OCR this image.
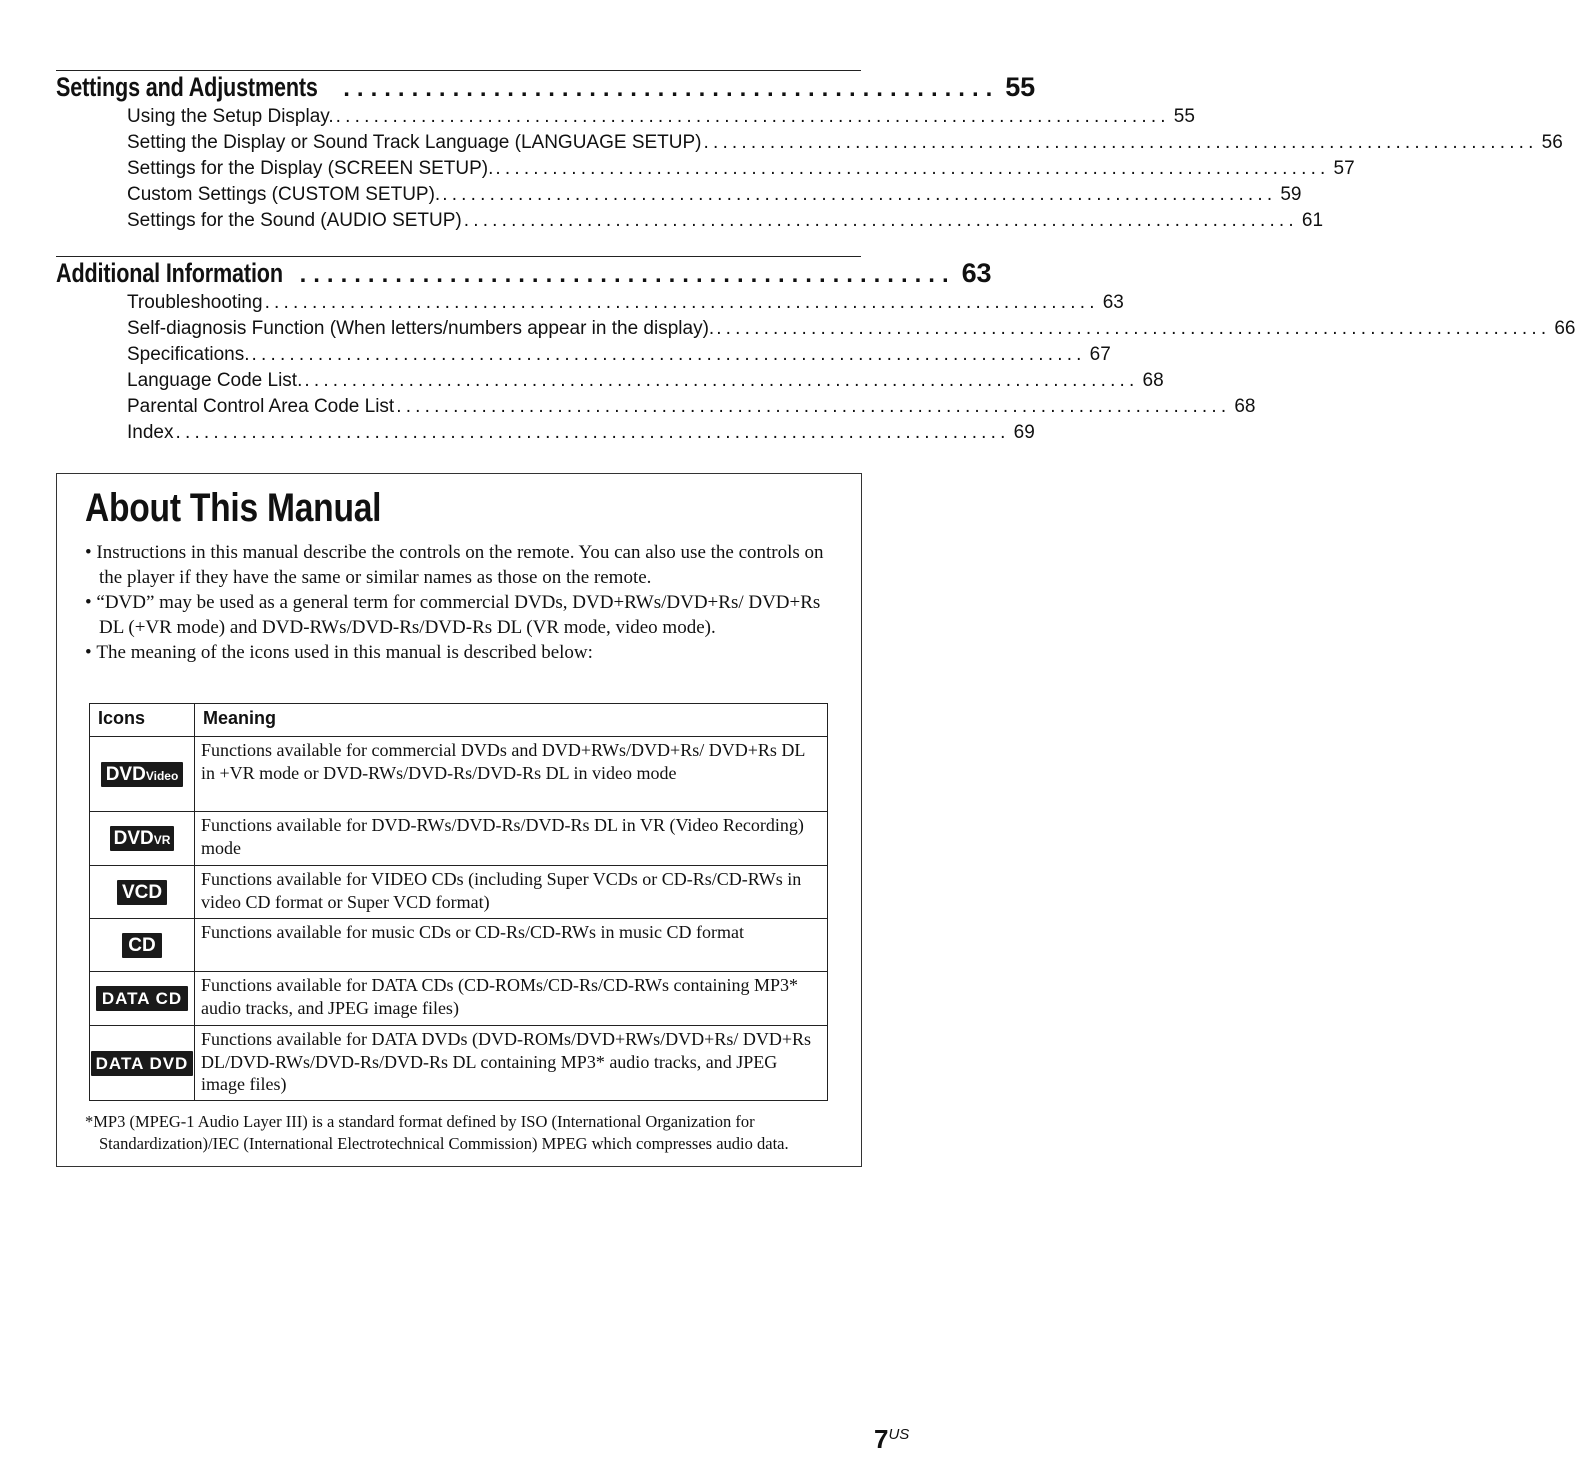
Settings and Adjustments ................................................ 55
Using the Setup Display. ........................................................................................ 55
Setting the Display or Sound Track Language (LANGUAGE SETUP) ........................................................................................ 56
Settings for the Display (SCREEN SETUP). ........................................................................................ 57
Custom Settings (CUSTOM SETUP). ........................................................................................ 59
Settings for the Sound (AUDIO SETUP) ........................................................................................ 61
Additional Information ................................................ 63
Troubleshooting ........................................................................................ 63
Self-diagnosis Function (When letters/numbers appear in the display). ........................................................................................ 66
Specifications. ........................................................................................ 67
Language Code List. ........................................................................................ 68
Parental Control Area Code List ........................................................................................ 68
Index ........................................................................................ 69
About This Manual
• Instructions in this manual describe the controls on the remote. You can also use the controls on the player if they have the same or similar names as those on the remote.
• “DVD” may be used as a general term for commercial DVDs, DVD+RWs/DVD+Rs/ DVD+Rs DL (+VR mode) and DVD-RWs/DVD-Rs/DVD-Rs DL (VR mode, video mode).
• The meaning of the icons used in this manual is described below:
Icons	Meaning
DVDVideo	Functions available for commercial DVDs and DVD+RWs/DVD+Rs/ DVD+Rs DL in +VR mode or DVD-RWs/DVD-Rs/DVD-Rs DL in video mode
DVDVR	Functions available for DVD-RWs/DVD-Rs/DVD-Rs DL in VR (Video Recording) mode
VCD	Functions available for VIDEO CDs (including Super VCDs or CD-Rs/CD-RWs in video CD format or Super VCD format)
CD	Functions available for music CDs or CD-Rs/CD-RWs in music CD format
DATA CD	Functions available for DATA CDs (CD-ROMs/CD-Rs/CD-RWs containing MP3* audio tracks, and JPEG image files)
DATA DVD	Functions available for DATA DVDs (DVD-ROMs/DVD+RWs/DVD+Rs/ DVD+Rs DL/DVD-RWs/DVD-Rs/DVD-Rs DL containing MP3* audio tracks, and JPEG image files)

*MP3 (MPEG-1 Audio Layer III) is a standard format defined by ISO (International Organization for
Standardization)/IEC (International Electrotechnical Commission) MPEG which compresses audio data.

7US
